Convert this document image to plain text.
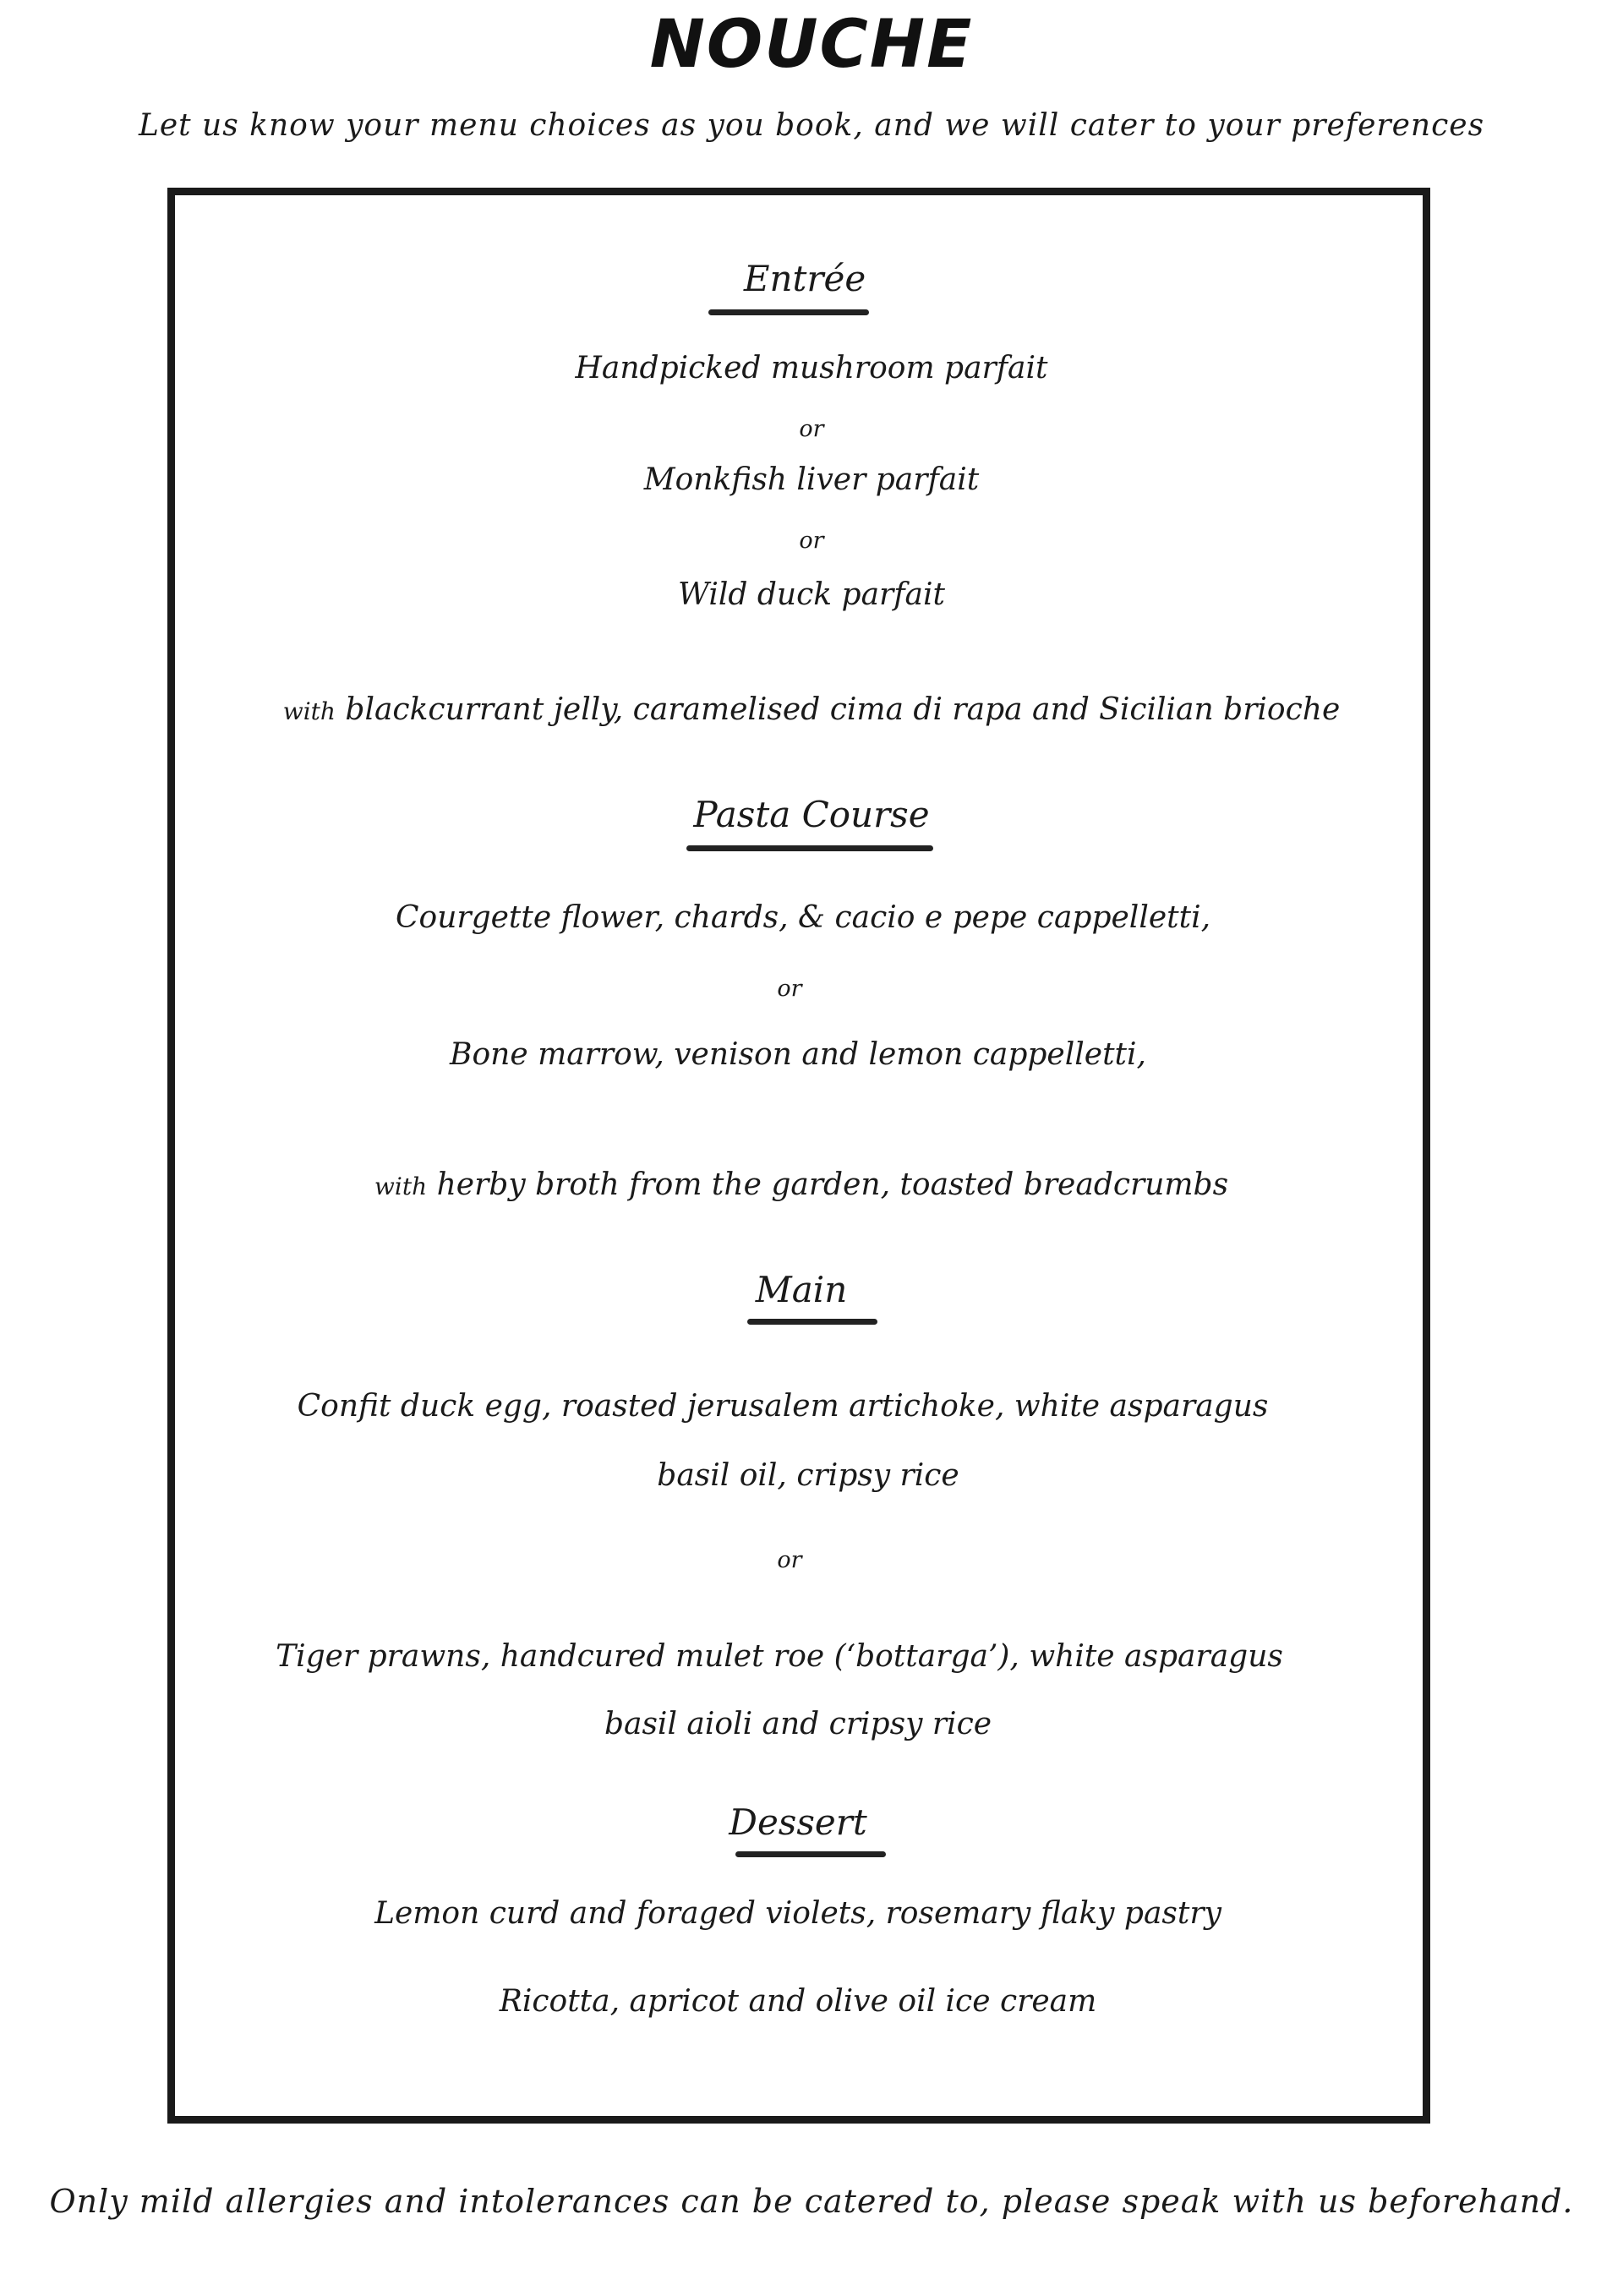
NOUCHE
Let us know your menu choices as you book, and we will cater to your preferences
Entrée
Handpicked mushroom parfait
or
Monkfish liver parfait
or
Wild duck parfait
with blackcurrant jelly, caramelised cima di rapa and Sicilian brioche
Pasta Course
Courgette flower, chards, & cacio e pepe cappelletti,
or
Bone marrow, venison and lemon cappelletti,
with herby broth from the garden, toasted breadcrumbs
Main
Confit duck egg, roasted jerusalem artichoke, white asparagus
basil oil, cripsy rice
or
Tiger prawns, handcured mulet roe (‘bottarga’), white asparagus
basil aioli and cripsy rice
Dessert
Lemon curd and foraged violets, rosemary flaky pastry
Ricotta, apricot and olive oil ice cream
Only mild allergies and intolerances can be catered to, please speak with us beforehand.
